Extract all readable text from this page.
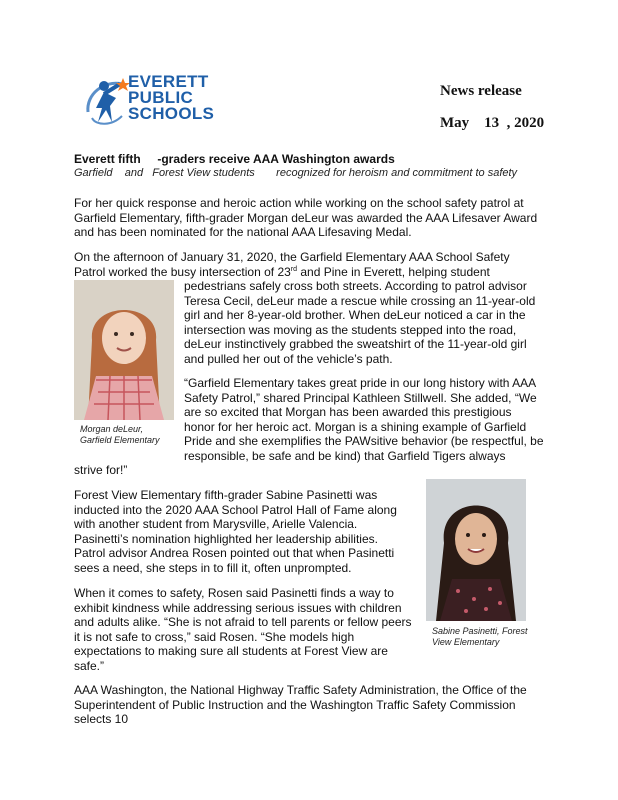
EVERETT
PUBLIC
SCHOOLS
News release
May    13  , 2020
Everett fifth     -graders receive AAA Washington awards
Garfield    and   Forest View students       recognized for heroism and commitment to safety

For her quick response and heroic action while working on the school safety patrol at Garfield Elementary, fifth-grader Morgan deLeur was awarded the AAA Lifesaver Award and has been nominated for the national AAA Lifesaving Medal.

On the afternoon of January 31, 2020, the Garfield Elementary AAA School Safety Patrol worked the busy intersection of 23rd and Pine in Everett, helping student

Morgan deLeur, Garfield Elementary

pedestrians safely cross both streets. According to patrol advisor Teresa Cecil, deLeur made a rescue while crossing an 11-year-old girl and her 8-year-old brother. When deLeur noticed a car in the intersection was moving as the students stepped into the road, deLeur instinctively grabbed the sweatshirt of the 11-year-old girl and pulled her out of the vehicle’s path.

“Garfield Elementary takes great pride in our long history with AAA Safety Patrol,” shared Principal Kathleen Stillwell. She added, “We are so excited that Morgan has been awarded this prestigious honor for her heroic act. Morgan is a shining example of Garfield Pride and she exemplifies the PAWsitive behavior (be respectful, be responsible, be safe and be kind) that Garfield Tigers always

strive for!”

Forest View Elementary fifth-grader Sabine Pasinetti was inducted into the 2020 AAA School Patrol Hall of Fame along with another student from Marysville, Arielle Valencia. Pasinetti’s nomination highlighted her leadership abilities. Patrol advisor Andrea Rosen pointed out that when Pasinetti sees a need, she steps in to fill it, often unprompted.

Sabine Pasinetti, Forest View Elementary

When it comes to safety, Rosen said Pasinetti finds a way to exhibit kindness while addressing serious issues with children and adults alike. “She is not afraid to tell parents or fellow peers it is not safe to cross,” said Rosen. “She models high expectations to making sure all students at Forest View are safe.”

AAA Washington, the National Highway Traffic Safety Administration, the Office of the Superintendent of Public Instruction and the Washington Traffic Safety Commission selects 10
